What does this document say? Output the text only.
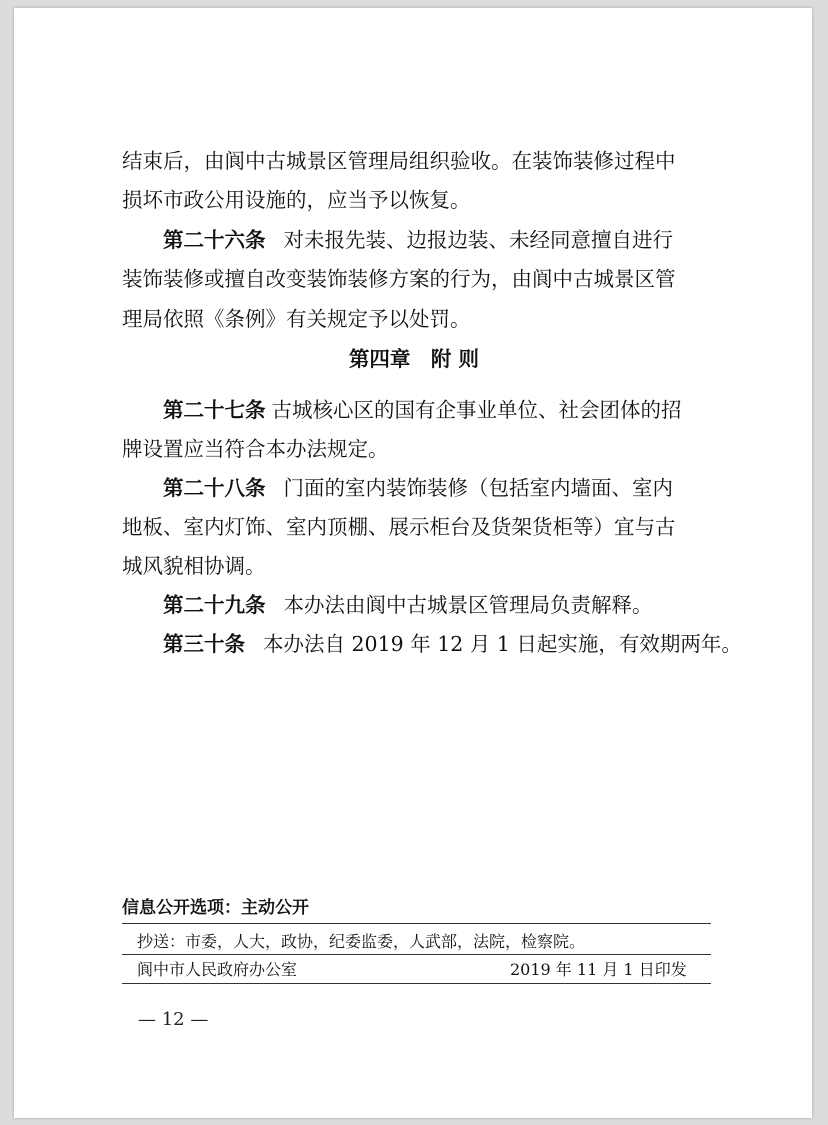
结束后，由阆中古城景区管理局组织验收。在装饰装修过程中
损坏市政公用设施的，应当予以恢复。
第二十六条 对未报先装、边报边装、未经同意擅自进行
装饰装修或擅自改变装饰装修方案的行为，由阆中古城景区管
理局依照《条例》有关规定予以处罚。
第四章　附 则
第二十七条 古城核心区的国有企事业单位、社会团体的招
牌设置应当符合本办法规定。
第二十八条 门面的室内装饰装修（包括室内墙面、室内
地板、室内灯饰、室内顶棚、展示柜台及货架货柜等）宜与古
城风貌相协调。
第二十九条 本办法由阆中古城景区管理局负责解释。
第三十条 本办法自 2019 年 12 月 1 日起实施，有效期两年。
信息公开选项：主动公开
抄送：市委，人大，政协，纪委监委，人武部，法院，检察院。
阆中市人民政府办公室	2019 年 11 月 1 日印发
— 12 —
